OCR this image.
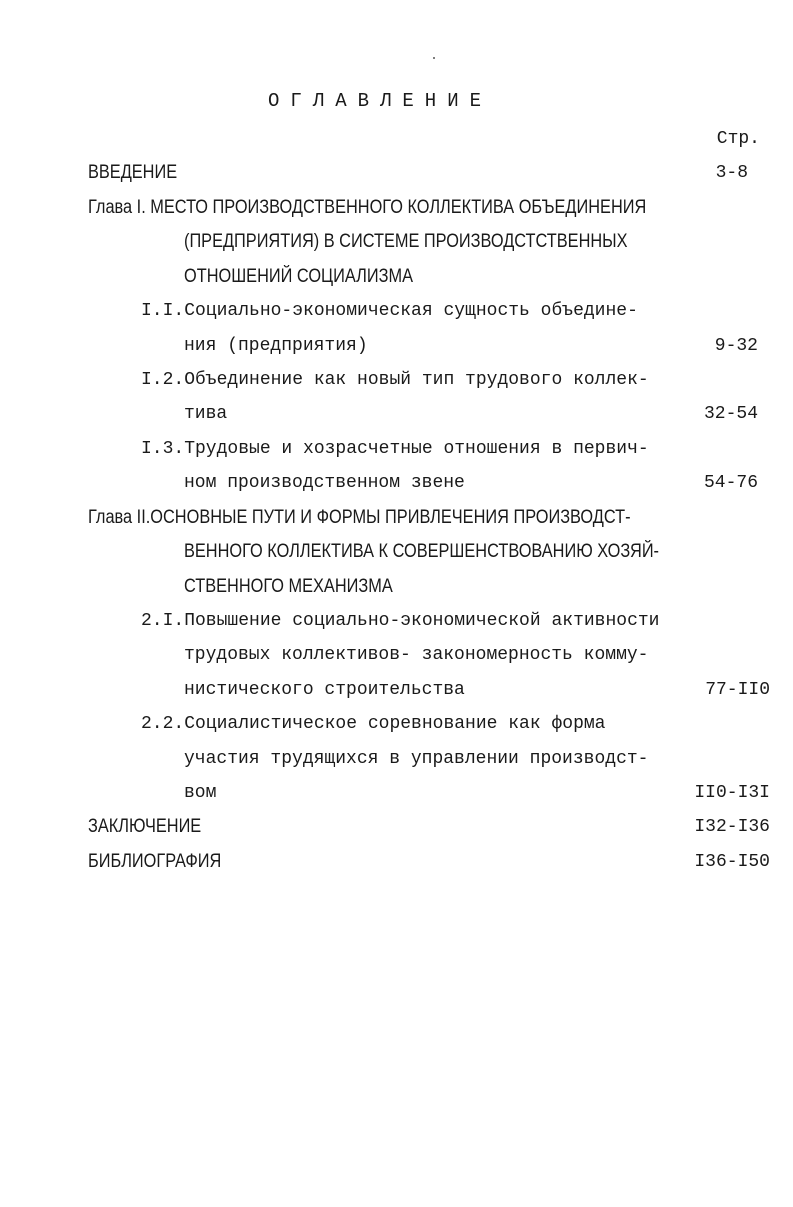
ОГЛАВЛЕНИЕ
Стр.
ВВЕДЕНИЕ	3-8
Глава I. МЕСТО ПРОИЗВОДСТВЕННОГО КОЛЛЕКТИВА ОБЪЕДИНЕНИЯ
(ПРЕДПРИЯТИЯ) В СИСТЕМЕ ПРОИЗВОДСТСТВЕННЫХ
ОТНОШЕНИЙ СОЦИАЛИЗМА
I.I.Социально-экономическая сущность объедине-
ния (предприятия)	9-32
I.2.Объединение как новый тип трудового коллек-
тива	32-54
I.3.Трудовые и хозрасчетные отношения в первич-
ном производственном звене	54-76
Глава II.ОСНОВНЫЕ ПУТИ И ФОРМЫ ПРИВЛЕЧЕНИЯ ПРОИЗВОДСТ-
ВЕННОГО КОЛЛЕКТИВА К СОВЕРШЕНСТВОВАНИЮ ХОЗЯЙ-
СТВЕННОГО МЕХАНИЗМА
2.I.Повышение социально-экономической активности
трудовых коллективов- закономерность комму-
нистического строительства	77-II0
2.2.Социалистическое соревнование как форма
участия трудящихся в управлении производст-
вом	II0-I3I
ЗАКЛЮЧЕНИЕ	I32-I36
БИБЛИОГРАФИЯ	I36-I50
